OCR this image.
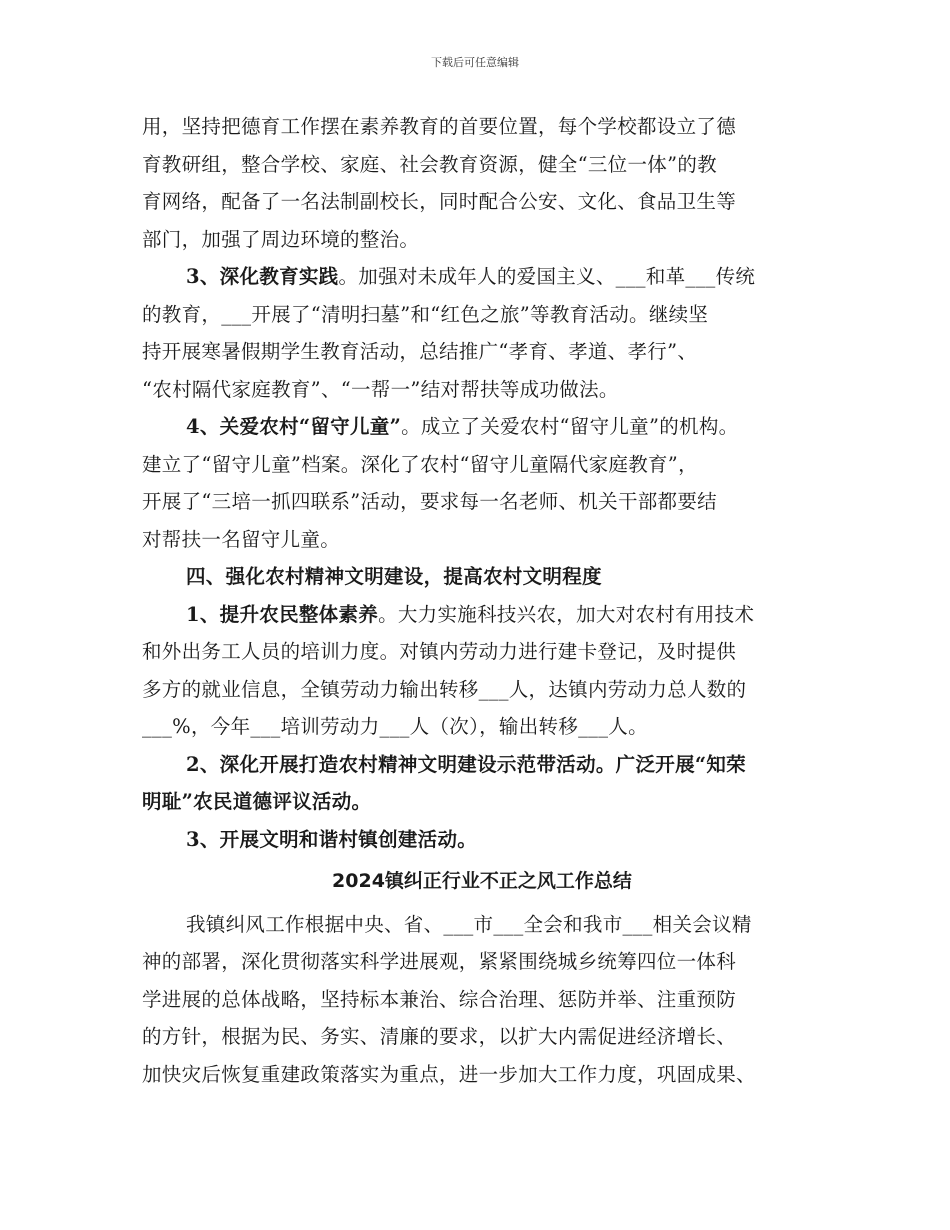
下载后可任意编辑
用，坚持把德育工作摆在素养教育的首要位置，每个学校都设立了德
育教研组，整合学校、家庭、社会教育资源，健全“三位一体”的教
育网络，配备了一名法制副校长，同时配合公安、文化、食品卫生等
部门，加强了周边环境的整治。
3、深化教育实践。加强对未成年人的爱国主义、___和革___传统
的教育，___开展了“清明扫墓”和“红色之旅”等教育活动。继续坚
持开展寒暑假期学生教育活动，总结推广“孝育、孝道、孝行”、
“农村隔代家庭教育”、“一帮一”结对帮扶等成功做法。
4、关爱农村“留守儿童”。成立了关爱农村“留守儿童”的机构。
建立了“留守儿童”档案。深化了农村“留守儿童隔代家庭教育”，
开展了“三培一抓四联系”活动，要求每一名老师、机关干部都要结
对帮扶一名留守儿童。
四、强化农村精神文明建设，提高农村文明程度
1、提升农民整体素养。大力实施科技兴农，加大对农村有用技术
和外出务工人员的培训力度。对镇内劳动力进行建卡登记，及时提供
多方的就业信息，全镇劳动力输出转移___人，达镇内劳动力总人数的
___%，今年___培训劳动力___人（次），输出转移___人。
2、深化开展打造农村精神文明建设示范带活动。广泛开展“知荣
明耻”农民道德评议活动。
3、开展文明和谐村镇创建活动。
2024镇纠正行业不正之风工作总结
我镇纠风工作根据中央、省、___市___全会和我市___相关会议精
神的部署，深化贯彻落实科学进展观，紧紧围绕城乡统筹四位一体科
学进展的总体战略，坚持标本兼治、综合治理、惩防并举、注重预防
的方针，根据为民、务实、清廉的要求，以扩大内需促进经济增长、
加快灾后恢复重建政策落实为重点，进一步加大工作力度，巩固成果、
